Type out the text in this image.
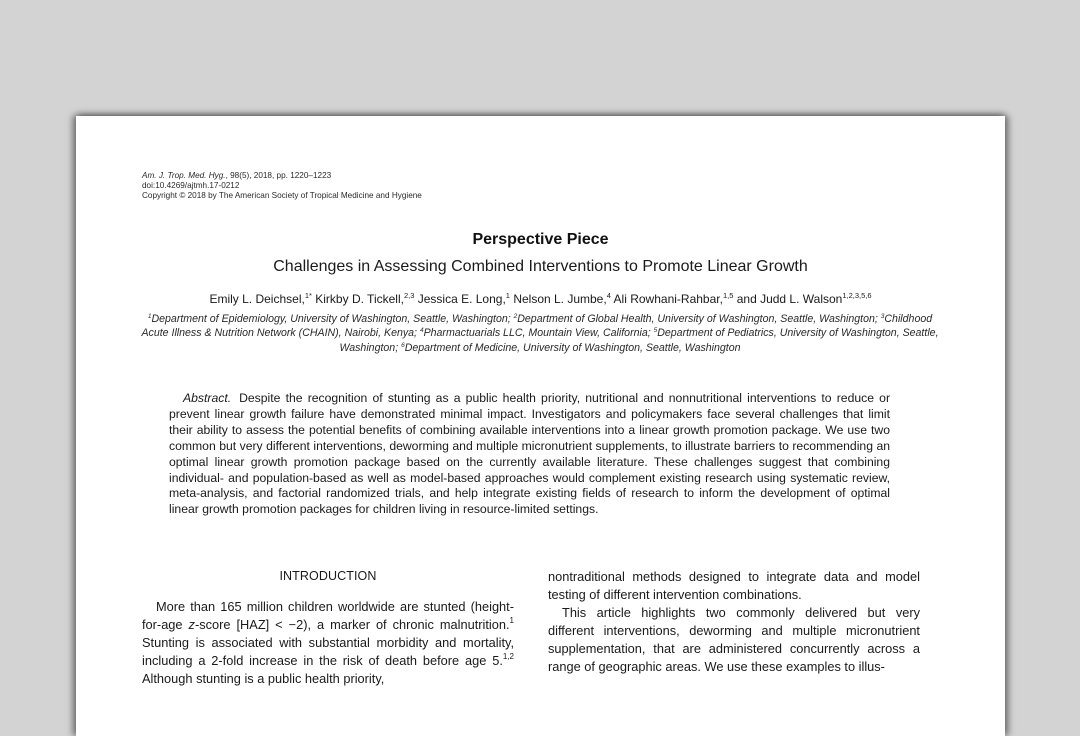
Am. J. Trop. Med. Hyg., 98(5), 2018, pp. 1220–1223
doi:10.4269/ajtmh.17-0212
Copyright © 2018 by The American Society of Tropical Medicine and Hygiene
Perspective Piece
Challenges in Assessing Combined Interventions to Promote Linear Growth
Emily L. Deichsel,$^{1*}$ Kirkby D. Tickell,$^{2,3}$ Jessica E. Long,$^1$ Nelson L. Jumbe,$^4$ Ali Rowhani-Rahbar,$^{1,5}$ and Judd L. Walson$^{1,2,3,5,6}$
$^1$Department of Epidemiology, University of Washington, Seattle, Washington; $^2$Department of Global Health, University of Washington, Seattle, Washington; $^3$Childhood Acute Illness & Nutrition Network (CHAIN), Nairobi, Kenya; $^4$Pharmactuarials LLC, Mountain View, California; $^5$Department of Pediatrics, University of Washington, Seattle, Washington; $^6$Department of Medicine, University of Washington, Seattle, Washington
Abstract. Despite the recognition of stunting as a public health priority, nutritional and nonnutritional interventions to reduce or prevent linear growth failure have demonstrated minimal impact. Investigators and policymakers face several challenges that limit their ability to assess the potential benefits of combining available interventions into a linear growth promotion package. We use two common but very different interventions, deworming and multiple micronutrient supplements, to illustrate barriers to recommending an optimal linear growth promotion package based on the currently available literature. These challenges suggest that combining individual- and population-based as well as model-based approaches would complement existing research using systematic review, meta-analysis, and factorial randomized trials, and help integrate existing fields of research to inform the development of optimal linear growth promotion packages for children living in resource-limited settings.
INTRODUCTION

More than 165 million children worldwide are stunted (height-for-age z-score [HAZ] < −2), a marker of chronic malnutrition.$^1$ Stunting is associated with substantial morbidity and mortality, including a 2-fold increase in the risk of death before age 5.$^{1,2}$ Although stunting is a public health priority,

nontraditional methods designed to integrate data and model testing of different intervention combinations.

This article highlights two commonly delivered but very different interventions, deworming and multiple micronutrient supplementation, that are administered concurrently across a range of geographic areas. We use these examples to illus-
